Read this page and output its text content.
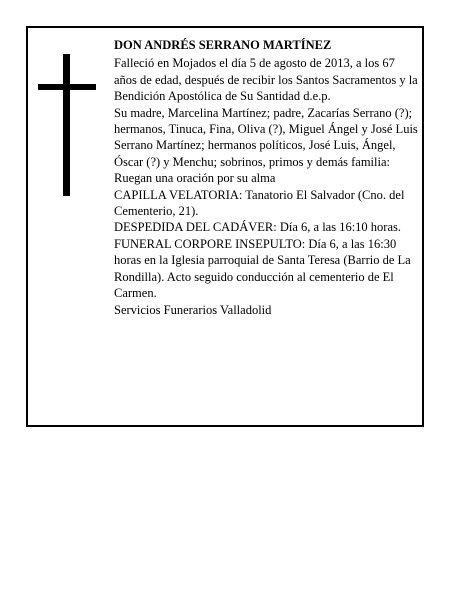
DON ANDRÉS SERRANO MARTÍNEZ

Falleció en Mojados el día 5 de agosto de 2013, a los 67 años de edad, después de recibir los Santos Sacramentos y la Bendición Apostólica de Su Santidad d.e.p.

Su madre, Marcelina Martínez; padre, Zacarías Serrano (?); hermanos, Tinuca, Fina, Oliva (?), Miguel Ángel y José Luis Serrano Martínez; hermanos políticos, José Luis, Ángel, Óscar (?) y Menchu; sobrinos, primos y demás familia:

Ruegan una oración por su alma

CAPILLA VELATORIA: Tanatorio El Salvador (Cno. del Cementerio, 21).

DESPEDIDA DEL CADÁVER: Día 6, a las 16:10 horas.

FUNERAL CORPORE INSEPULTO: Día 6, a las 16:30 horas en la Iglesia parroquial de Santa Teresa (Barrio de La Rondilla). Acto seguido conducción al cementerio de El Carmen.

Servicios Funerarios Valladolid
